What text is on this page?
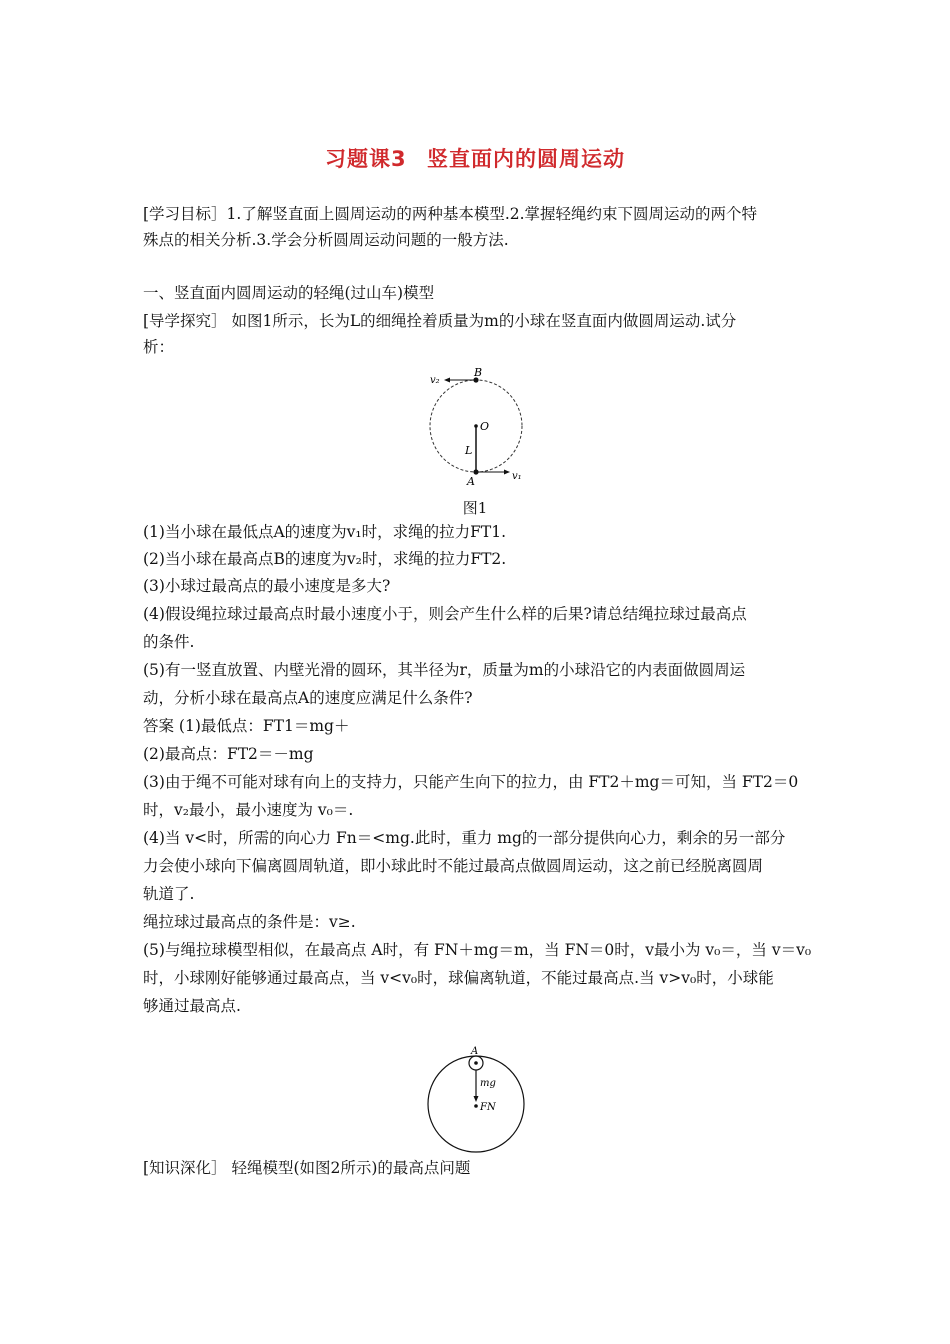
习题课3 竖直面内的圆周运动
[学习目标］1.了解竖直面上圆周运动的两种基本模型.2.掌握轻绳约束下圆周运动的两个特
殊点的相关分析.3.学会分析圆周运动问题的一般方法.
一、竖直面内圆周运动的轻绳(过山车)模型
[导学探究］ 如图1所示，长为L的细绳拴着质量为m的小球在竖直面内做圆周运动.试分
析：
B
O
L
A
v₂
v₁
图1
(1)当小球在最低点A的速度为v₁时，求绳的拉力FT1.
(2)当小球在最高点B的速度为v₂时，求绳的拉力FT2.
(3)小球过最高点的最小速度是多大?
(4)假设绳拉球过最高点时最小速度小于，则会产生什么样的后果?请总结绳拉球过最高点
的条件.
(5)有一竖直放置、内壁光滑的圆环，其半径为r，质量为m的小球沿它的内表面做圆周运
动，分析小球在最高点A的速度应满足什么条件?
答案 (1)最低点：FT1＝mg＋
(2)最高点：FT2＝－mg
(3)由于绳不可能对球有向上的支持力，只能产生向下的拉力，由 FT2＋mg＝可知，当 FT2＝0
时，v₂最小，最小速度为 v₀＝.
(4)当 v<时，所需的向心力 Fn＝<mg.此时，重力 mg的一部分提供向心力，剩余的另一部分
力会使小球向下偏离圆周轨道，即小球此时不能过最高点做圆周运动，这之前已经脱离圆周
轨道了.
绳拉球过最高点的条件是：v≥.
(5)与绳拉球模型相似，在最高点 A时，有 FN＋mg＝m，当 FN＝0时，v最小为 v₀＝，当 v＝v₀
时，小球刚好能够通过最高点，当 v<v₀时，球偏离轨道，不能过最高点.当 v>v₀时，小球能
够通过最高点.
A
mg
FN
[知识深化］ 轻绳模型(如图2所示)的最高点问题
